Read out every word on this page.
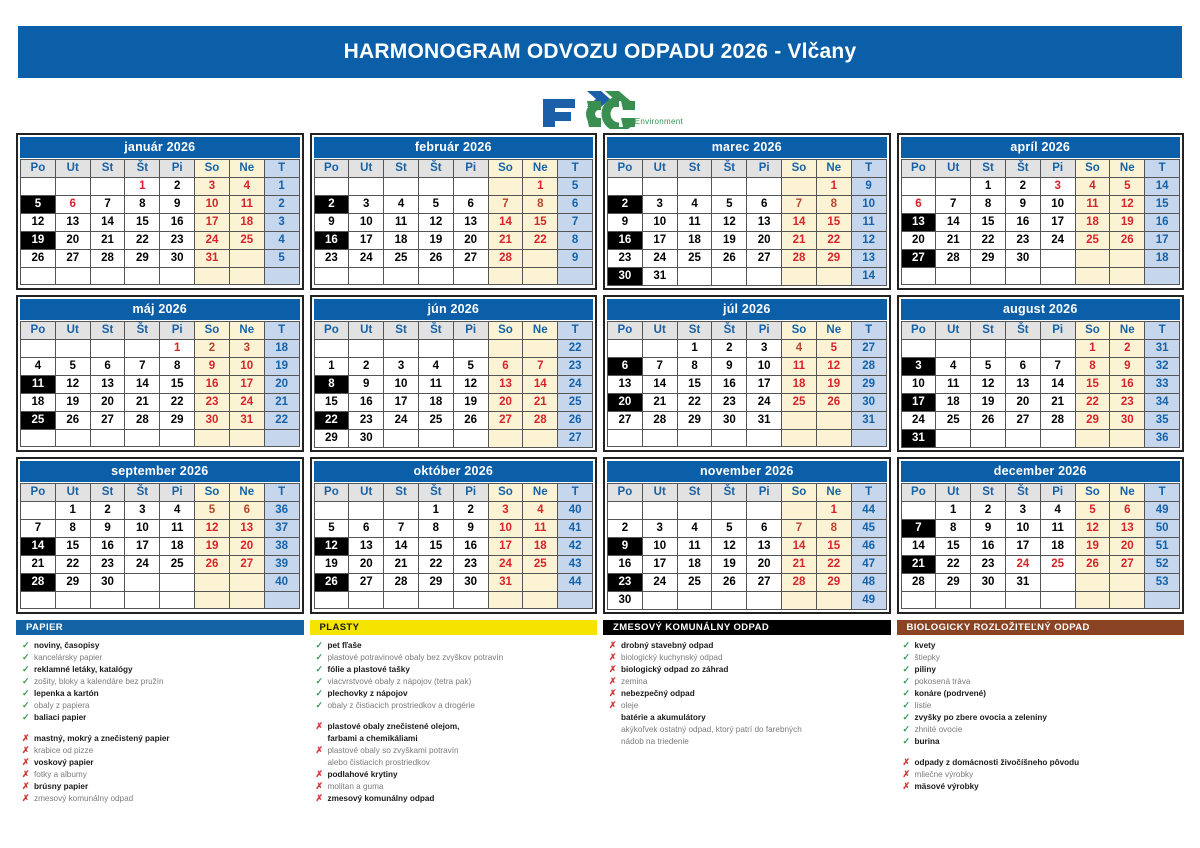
HARMONOGRAM ODVOZU ODPADU 2026 - Vlčany
Environment
január 2026
Po	Ut	St	Št	Pi	So	Ne	T
			1	2	3	4	1
5	6	7	8	9	10	11	2
12	13	14	15	16	17	18	3
19	20	21	22	23	24	25	4
26	27	28	29	30	31		5

február 2026
Po	Ut	St	Št	Pi	So	Ne	T
						1	5
2	3	4	5	6	7	8	6
9	10	11	12	13	14	15	7
16	17	18	19	20	21	22	8
23	24	25	26	27	28		9

marec 2026
Po	Ut	St	Št	Pi	So	Ne	T
						1	9
2	3	4	5	6	7	8	10
9	10	11	12	13	14	15	11
16	17	18	19	20	21	22	12
23	24	25	26	27	28	29	13
30	31						14
apríl 2026
Po	Ut	St	Št	Pi	So	Ne	T
		1	2	3	4	5	14
6	7	8	9	10	11	12	15
13	14	15	16	17	18	19	16
20	21	22	23	24	25	26	17
27	28	29	30				18

máj 2026
Po	Ut	St	Št	Pi	So	Ne	T
				1	2	3	18
4	5	6	7	8	9	10	19
11	12	13	14	15	16	17	20
18	19	20	21	22	23	24	21
25	26	27	28	29	30	31	22

jún 2026
Po	Ut	St	Št	Pi	So	Ne	T
							22
1	2	3	4	5	6	7	23
8	9	10	11	12	13	14	24
15	16	17	18	19	20	21	25
22	23	24	25	26	27	28	26
29	30						27
júl 2026
Po	Ut	St	Št	Pi	So	Ne	T
		1	2	3	4	5	27
6	7	8	9	10	11	12	28
13	14	15	16	17	18	19	29
20	21	22	23	24	25	26	30
27	28	29	30	31			31

august 2026
Po	Ut	St	Št	Pi	So	Ne	T
					1	2	31
3	4	5	6	7	8	9	32
10	11	12	13	14	15	16	33
17	18	19	20	21	22	23	34
24	25	26	27	28	29	30	35
31							36
september 2026
Po	Ut	St	Št	Pi	So	Ne	T
	1	2	3	4	5	6	36
7	8	9	10	11	12	13	37
14	15	16	17	18	19	20	38
21	22	23	24	25	26	27	39
28	29	30					40

október 2026
Po	Ut	St	Št	Pi	So	Ne	T
			1	2	3	4	40
5	6	7	8	9	10	11	41
12	13	14	15	16	17	18	42
19	20	21	22	23	24	25	43
26	27	28	29	30	31		44

november 2026
Po	Ut	St	Št	Pi	So	Ne	T
						1	44
2	3	4	5	6	7	8	45
9	10	11	12	13	14	15	46
16	17	18	19	20	21	22	47
23	24	25	26	27	28	29	48
30							49
december 2026
Po	Ut	St	Št	Pi	So	Ne	T
	1	2	3	4	5	6	49
7	8	9	10	11	12	13	50
14	15	16	17	18	19	20	51
21	22	23	24	25	26	27	52
28	29	30	31				53

PAPIER
✓ noviny, časopisy
✓ kancelársky papier
✓ reklamné letáky, katalógy
✓ zošity, bloky a kalendáre bez pružín
✓ lepenka a kartón
✓ obaly z papiera
✓ baliaci papier
✗ mastný, mokrý a znečistený papier
✗ krabice od pizze
✗ voskový papier
✗ fotky a albumy
✗ brúsny papier
✗ zmesový komunálny odpad
PLASTY
✓ pet fľaše
✓ plastové potravinové obaly bez zvyškov potravín
✓ fólie a plastové tašky
✓ viacvrstvové obaly z nápojov (tetra pak)
✓ plechovky z nápojov
✓ obaly z čistiacich prostriedkov a drogérie
✗ plastové obaly znečistené olejom,
farbami a chemikáliami
✗ plastové obaly so zvyškami potravín
alebo čistiacich prostriedkov
✗ podlahové krytiny
✗ molitan a guma
✗ zmesový komunálny odpad
ZMESOVÝ KOMUNÁLNY ODPAD
✗ drobný stavebný odpad
✗ biologický kuchynský odpad
✗ biologický odpad zo záhrad
✗ zemina
✗ nebezpečný odpad
✗ oleje
batérie a akumulátory
akýkoľvek ostatný odpad, ktorý patrí do farebných
nádob na triedenie
BIOLOGICKY ROZLOŽITEĽNÝ ODPAD
✓ kvety
✓ štiepky
✓ piliny
✓ pokosená tráva
✓ konáre (podrvené)
✓ lístie
✓ zvyšky po zbere ovocia a zeleniny
✓ zhnité ovocie
✓ burina
✗ odpady z domácnosti živočíšneho pôvodu
✗ mliečne výrobky
✗ mäsové výrobky
